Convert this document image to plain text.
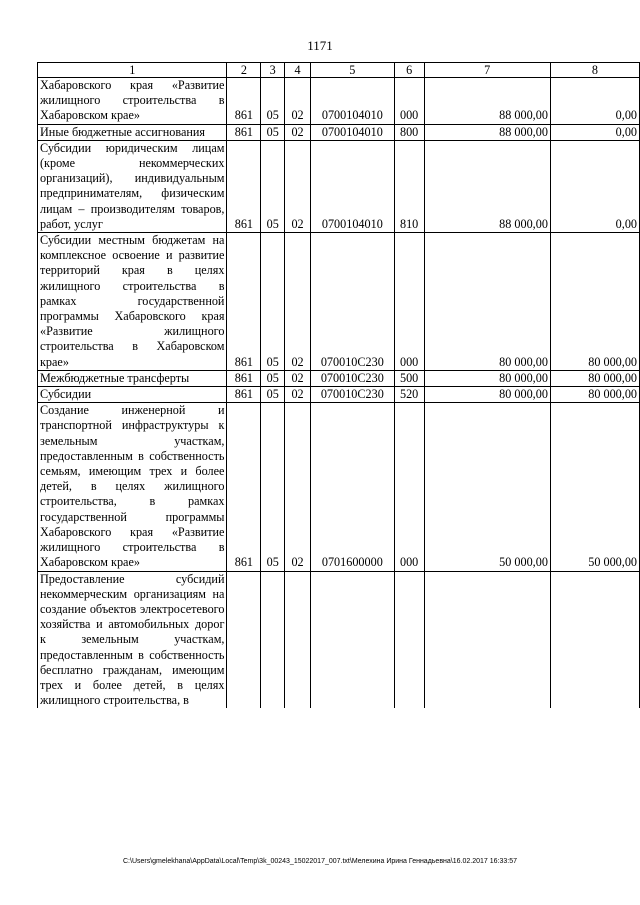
1171
1	2	3	4	5	6	7	8
Хабаровского края «Развитие жилищного строительства в Хабаровском крае»	861	05	02	0700104010	000	88 000,00	0,00
Иные бюджетные ассигнования	861	05	02	0700104010	800	88 000,00	0,00
Субсидии юридическим лицам (кроме некоммерческих организаций), индивидуальным предпринимателям, физическим лицам – производителям товаров, работ, услуг	861	05	02	0700104010	810	88 000,00	0,00
Субсидии местным бюджетам на комплексное освоение и развитие территорий края в целях жилищного строительства в рамках государственной программы Хабаровского края «Развитие жилищного строительства в Хабаровском крае»	861	05	02	070010С230	000	80 000,00	80 000,00
Межбюджетные трансферты	861	05	02	070010С230	500	80 000,00	80 000,00
Субсидии	861	05	02	070010С230	520	80 000,00	80 000,00
Создание инженерной и транспортной инфраструктуры к земельным участкам, предоставленным в собственность семьям, имеющим трех и более детей, в целях жилищного строительства, в рамках государственной программы Хабаровского края «Развитие жилищного строительства в Хабаровском крае»	861	05	02	0701600000	000	50 000,00	50 000,00
Предоставление субсидий некоммерческим организациям на создание объектов электросетевого хозяйства и автомобильных дорог к земельным участкам, предоставленным в собственность бесплатно гражданам, имеющим трех и более детей, в целях жилищного строительства, в							
C:\Users\gmelekhana\AppData\Local\Temp\3k_00243_15022017_007.txt\Мелехина Ирина Геннадьевна\16.02.2017 16:33:57
